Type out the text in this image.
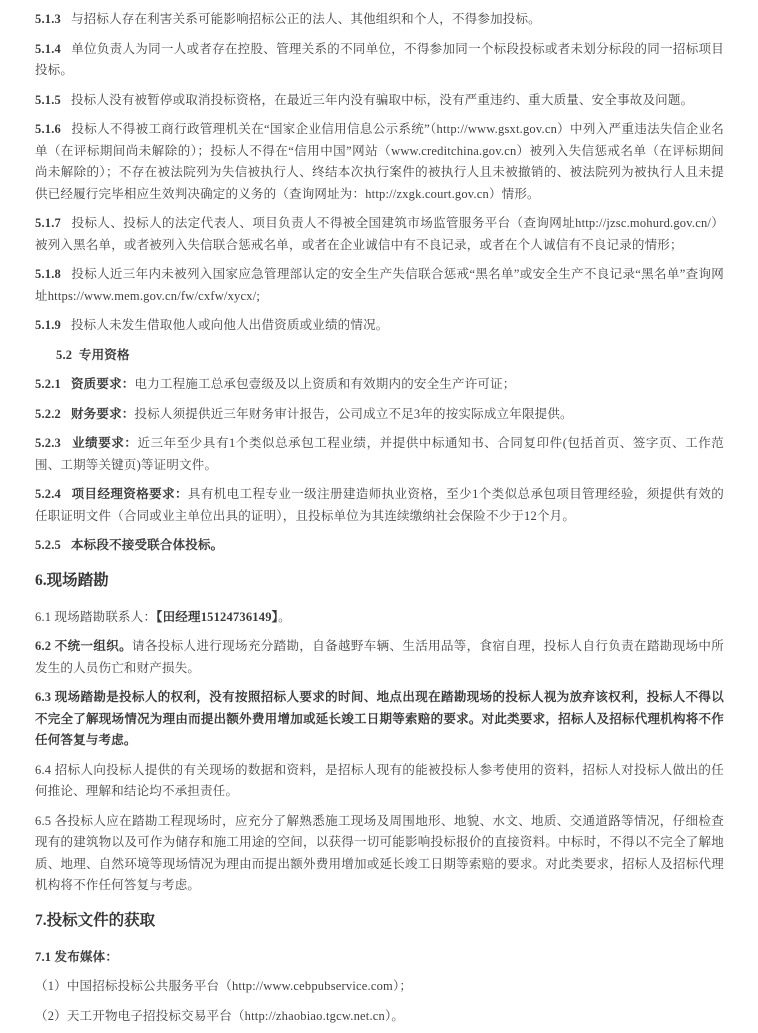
5.1.3   与招标人存在利害关系可能影响招标公正的法人、其他组织和个人，不得参加投标。
5.1.4   单位负责人为同一人或者存在控股、管理关系的不同单位，不得参加同一个标段投标或者未划分标段的同一招标项目投标。
5.1.5   投标人没有被暂停或取消投标资格，在最近三年内没有骗取中标，没有严重违约、重大质量、安全事故及问题。
5.1.6   投标人不得被工商行政管理机关在“国家企业信用信息公示系统”（http://www.gsxt.gov.cn）中列入严重违法失信企业名单（在评标期间尚未解除的）；投标人不得在“信用中国”网站（www.creditchina.gov.cn）被列入失信惩戒名单（在评标期间尚未解除的）；不存在被法院列为失信被执行人、终结本次执行案件的被执行人且未被撤销的、被法院列为被执行人且未提供已经履行完毕相应生效判决确定的义务的（查询网址为：http://zxgk.court.gov.cn）情形。
5.1.7   投标人、投标人的法定代表人、项目负责人不得被全国建筑市场监管服务平台（查询网址http://jzsc.mohurd.gov.cn/）被列入黑名单，或者被列入失信联合惩戒名单，或者在企业诚信中有不良记录，或者在个人诚信有不良记录的情形；
5.1.8   投标人近三年内未被列入国家应急管理部认定的安全生产失信联合惩戒“黑名单”或安全生产不良记录“黑名单”查询网址https://www.mem.gov.cn/fw/cxfw/xycx/;
5.1.9   投标人未发生借取他人或向他人出借资质或业绩的情况。
5.2  专用资格
5.2.1 资质要求：电力工程施工总承包壹级及以上资质和有效期内的安全生产许可证；
5.2.2 财务要求：投标人须提供近三年财务审计报告，公司成立不足3年的按实际成立年限提供。
5.2.3 业绩要求：近三年至少具有1个类似总承包工程业绩，并提供中标通知书、合同复印件(包括首页、签字页、工作范围、工期等关键页)等证明文件。
5.2.4 项目经理资格要求：具有机电工程专业一级注册建造师执业资格，至少1个类似总承包项目管理经验，须提供有效的任职证明文件（合同或业主单位出具的证明），且投标单位为其连续缴纳社会保险不少于12个月。
5.2.5   本标段不接受联合体投标。
6.现场踏勘
6.1 现场踏勘联系人：【田经理15124736149】。
6.2 不统一组织。请各投标人进行现场充分踏勘，自备越野车辆、生活用品等，食宿自理，投标人自行负责在踏勘现场中所发生的人员伤亡和财产损失。
6.3 现场踏勘是投标人的权利，没有按照招标人要求的时间、地点出现在踏勘现场的投标人视为放弃该权利，投标人不得以不完全了解现场情况为理由而提出额外费用增加或延长竣工日期等索赔的要求。对此类要求，招标人及招标代理机构将不作任何答复与考虑。
6.4 招标人向投标人提供的有关现场的数据和资料，是招标人现有的能被投标人参考使用的资料，招标人对投标人做出的任何推论、理解和结论均不承担责任。
6.5 各投标人应在踏勘工程现场时，应充分了解熟悉施工现场及周围地形、地貌、水文、地质、交通道路等情况，仔细检查现有的建筑物以及可作为储存和施工用途的空间，以获得一切可能影响投标报价的直接资料。中标时，不得以不完全了解地质、地理、自然环境等现场情况为理由而提出额外费用增加或延长竣工日期等索赔的要求。对此类要求，招标人及招标代理机构将不作任何答复与考虑。
7.投标文件的获取
7.1 发布媒体：
（1）中国招标投标公共服务平台（http://www.cebpubservice.com）；
（2）天工开物电子招投标交易平台（http://zhaobiao.tgcw.net.cn）。
